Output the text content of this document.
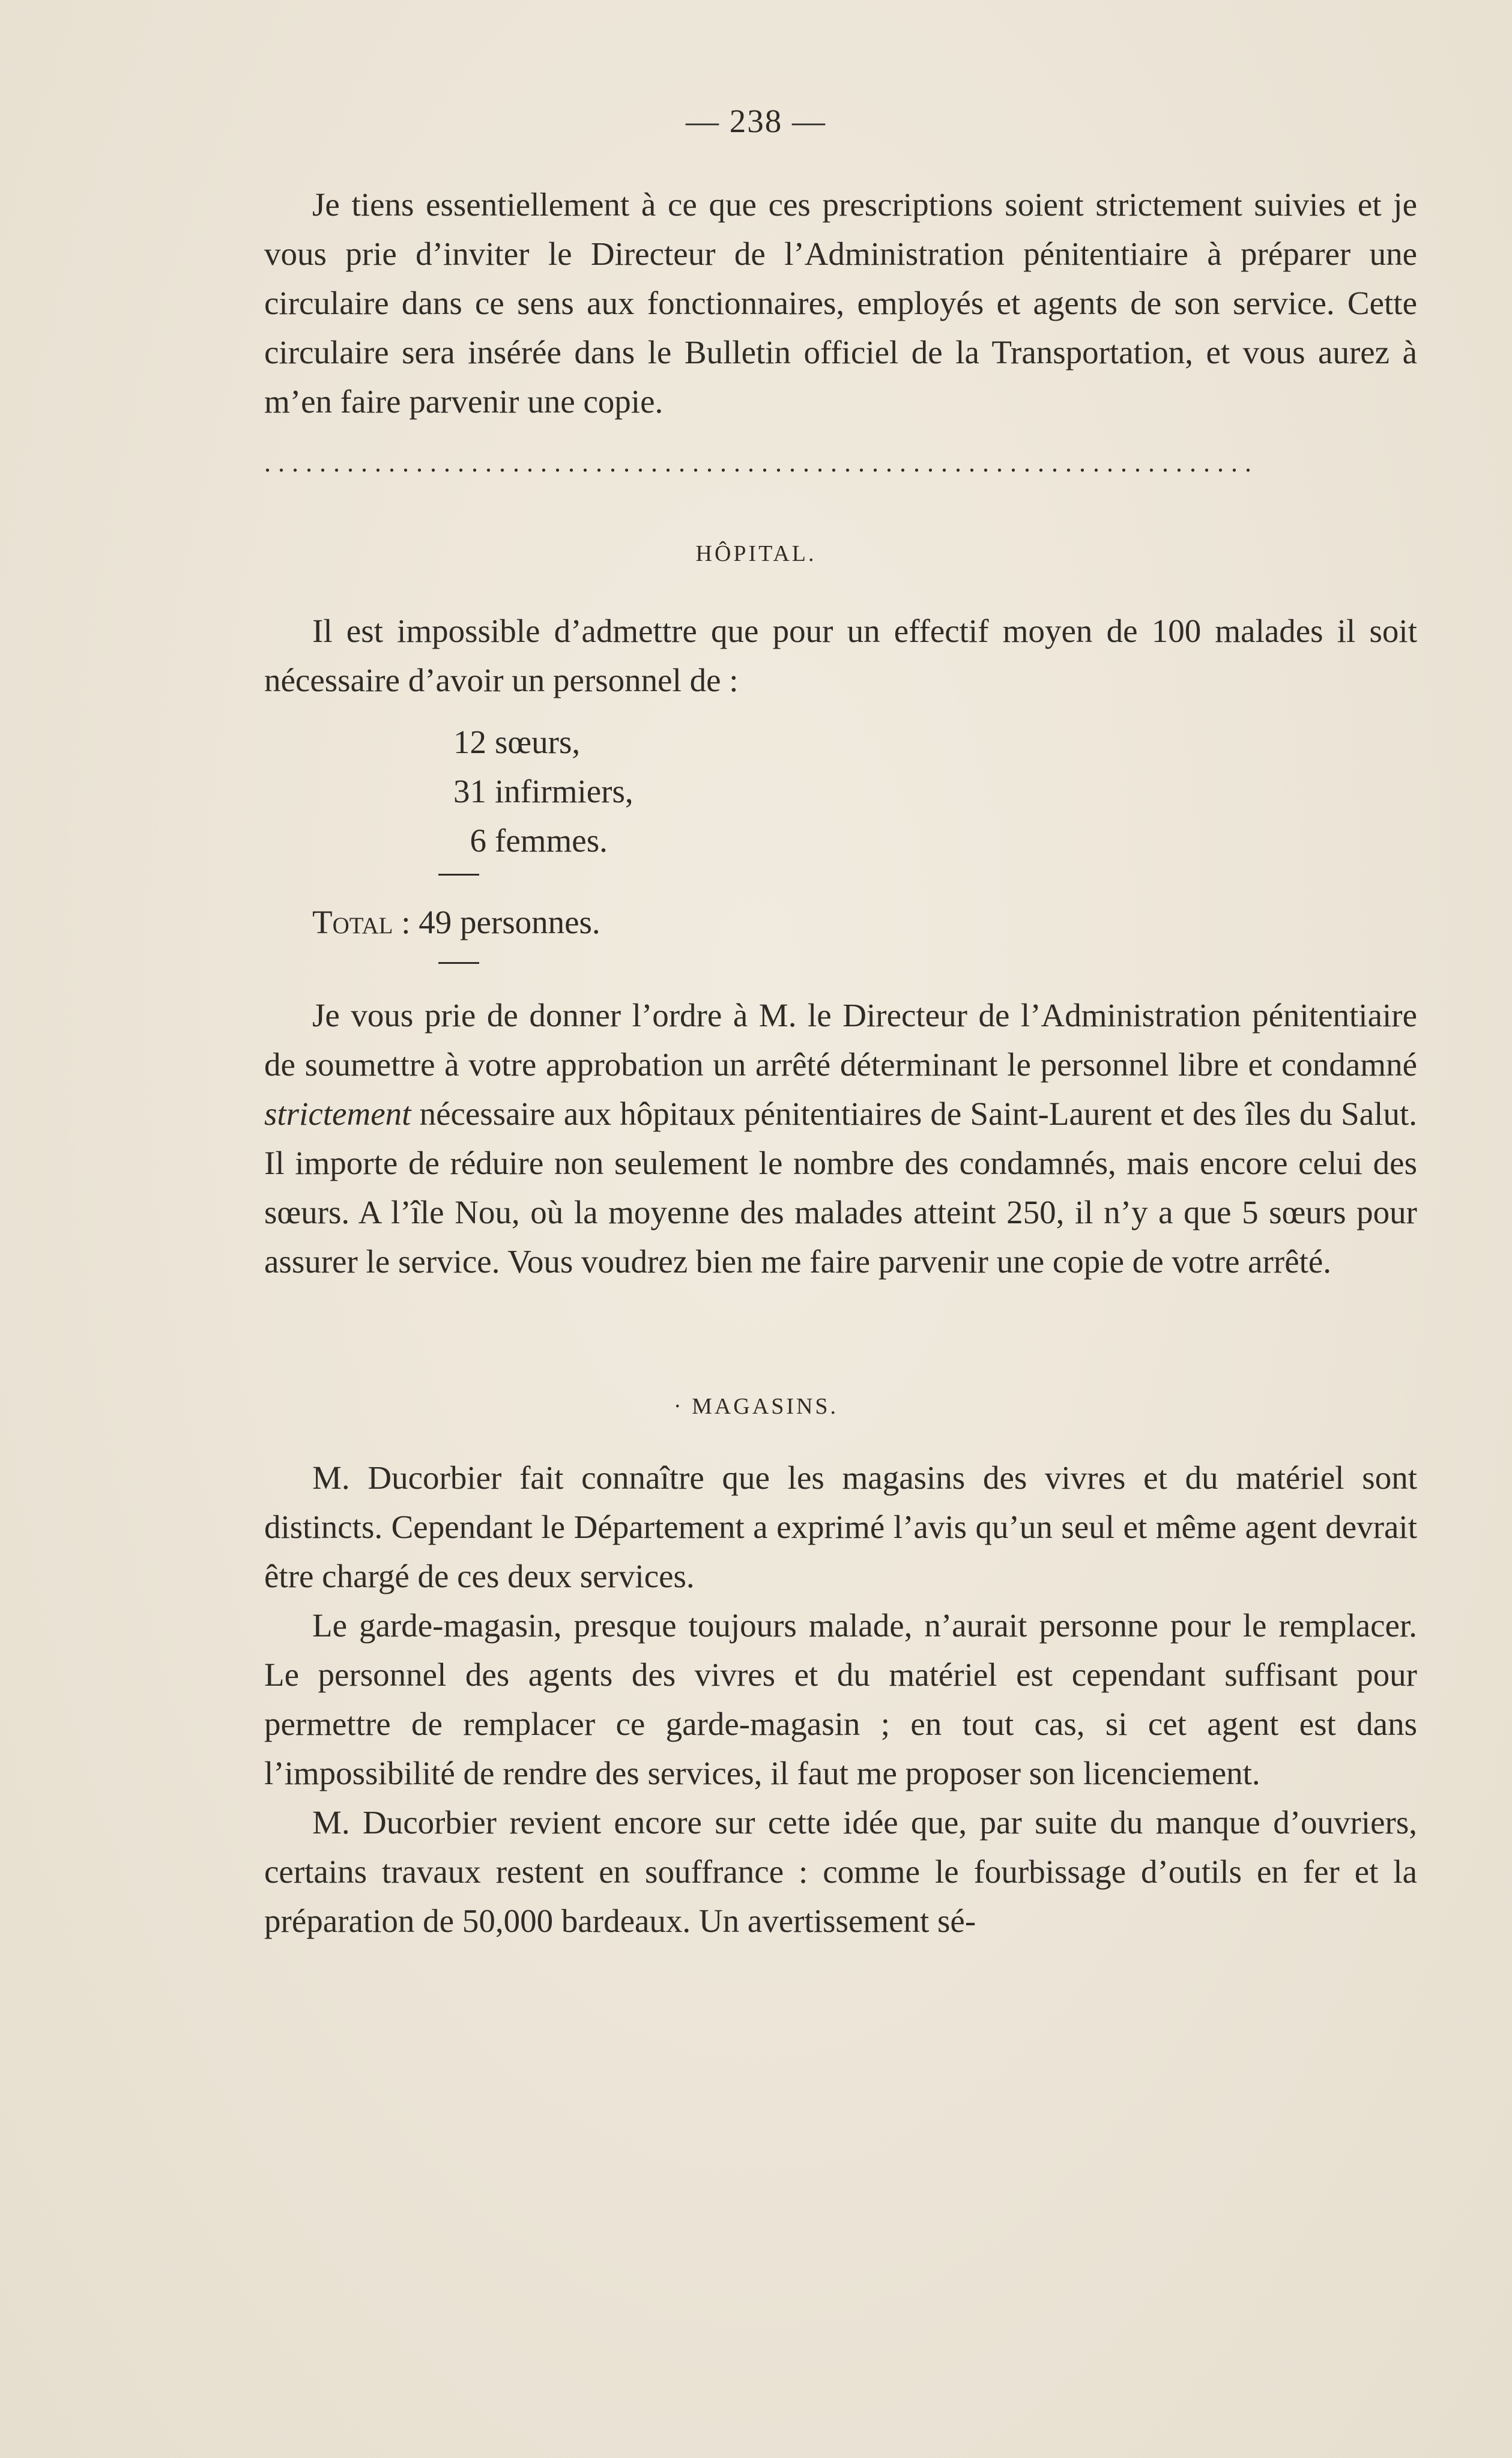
— 238 —

Je tiens essentiellement à ce que ces prescriptions soient strictement suivies et je vous prie d’inviter le Directeur de l’Administration pénitentiaire à préparer une circulaire dans ce sens aux fonctionnaires, employés et agents de son service. Cette circulaire sera insérée dans le Bulletin officiel de la Transportation, et vous aurez à m’en faire parvenir une copie.

........................................................................
HÔPITAL.

Il est impossible d’admettre que pour un effectif moyen de 100 malades il soit nécessaire d’avoir un personnel de :

12 sœurs,
31 infirmiers,
6 femmes.
Total : 49 personnes.

Je vous prie de donner l’ordre à M. le Directeur de l’Administration pénitentiaire de soumettre à votre approbation un arrêté déterminant le personnel libre et condamné strictement nécessaire aux hôpitaux pénitentiaires de Saint-Laurent et des îles du Salut. Il importe de réduire non seulement le nombre des condamnés, mais encore celui des sœurs. A l’île Nou, où la moyenne des malades atteint 250, il n’y a que 5 sœurs pour assurer le service. Vous voudrez bien me faire parvenir une copie de votre arrêté.

· MAGASINS.

M. Ducorbier fait connaître que les magasins des vivres et du matériel sont distincts. Cependant le Département a exprimé l’avis qu’un seul et même agent devrait être chargé de ces deux services.

Le garde-magasin, presque toujours malade, n’aurait personne pour le remplacer. Le personnel des agents des vivres et du matériel est cependant suffisant pour permettre de remplacer ce garde-magasin ; en tout cas, si cet agent est dans l’impossibilité de rendre des services, il faut me proposer son licenciement.

M. Ducorbier revient encore sur cette idée que, par suite du manque d’ouvriers, certains travaux restent en souffrance : comme le fourbissage d’outils en fer et la préparation de 50,000 bardeaux. Un avertissement sé-
